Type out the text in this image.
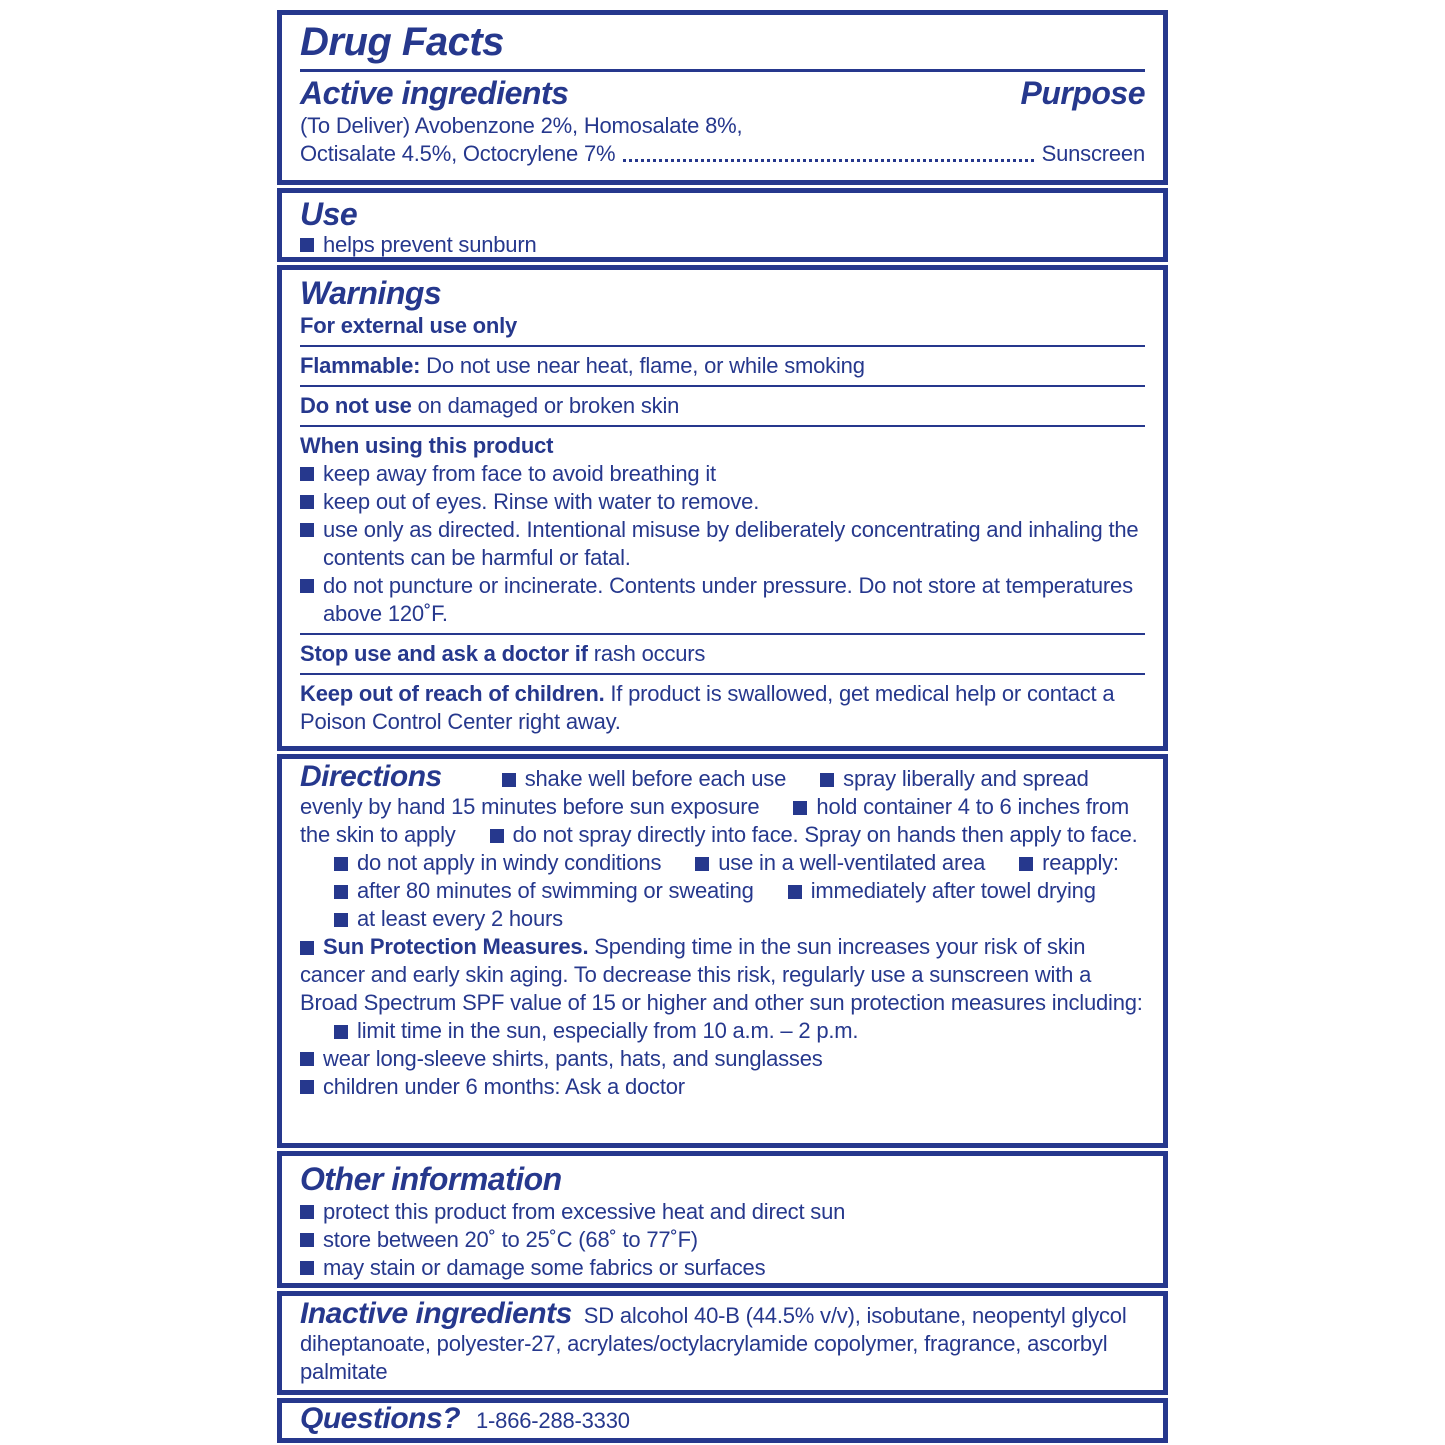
Drug Facts
Active ingredients	Purpose
(To Deliver) Avobenzone 2%, Homosalate 8%,
Octisalate 4.5%, Octocrylene 7%	Sunscreen
Use
helps prevent sunburn
Warnings
For external use only
Flammable: Do not use near heat, flame, or while smoking
Do not use on damaged or broken skin
When using this product
keep away from face to avoid breathing it
keep out of eyes. Rinse with water to remove.
use only as directed. Intentional misuse by deliberately concentrating and inhaling the contents can be harmful or fatal.
do not puncture or incinerate. Contents under pressure. Do not store at temperatures above 120˚F.
Stop use and ask a doctor if rash occurs
Keep out of reach of children. If product is swallowed, get medical help or contact a Poison Control Center right away.
Directions	shake well before each use	spray liberally and spread evenly by hand 15 minutes before sun exposure	hold container 4 to 6 inches from the skin to apply	do not spray directly into face. Spray on hands then apply to face.do not apply in windy conditions	use in a well-ventilated area	reapply:after 80 minutes of swimming or sweating	immediately after towel dryingat least every 2 hours
Sun Protection Measures. Spending time in the sun increases your risk of skin cancer and early skin aging. To decrease this risk, regularly use a sunscreen with a Broad Spectrum SPF value of 15 or higher and other sun protection measures including:limit time in the sun, especially from 10 a.m. – 2 p.m.
wear long-sleeve shirts, pants, hats, and sunglasses
children under 6 months: Ask a doctor
Other information
protect this product from excessive heat and direct sun
store between 20˚ to 25˚C (68˚ to 77˚F)
may stain or damage some fabrics or surfaces
Inactive ingredients SD alcohol 40-B (44.5% v/v), isobutane, neopentyl glycol diheptanoate, polyester-27, acrylates/octylacrylamide copolymer, fragrance, ascorbyl palmitate
Questions? 1-866-288-3330
